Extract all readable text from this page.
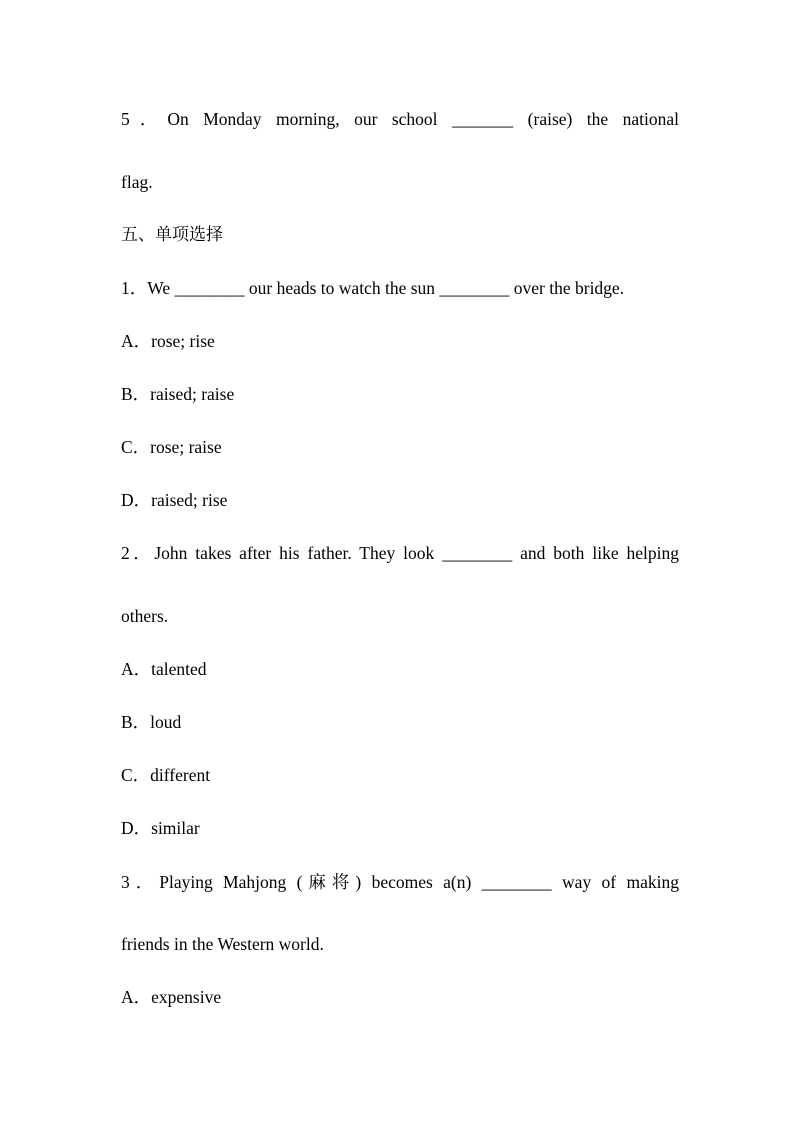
5．On Monday morning, our school _______ (raise) the national
flag.
五、单项选择
1．We ________ our heads to watch the sun ________ over the bridge.
A．rose; rise
B．raised; raise
C．rose; raise
D．raised; rise
2．John takes after his father. They look ________ and both like helping
others.
A．talented
B．loud
C．different
D．similar
3．Playing Mahjong (麻将) becomes a(n) ________ way of making
friends in the Western world.
A．expensive
